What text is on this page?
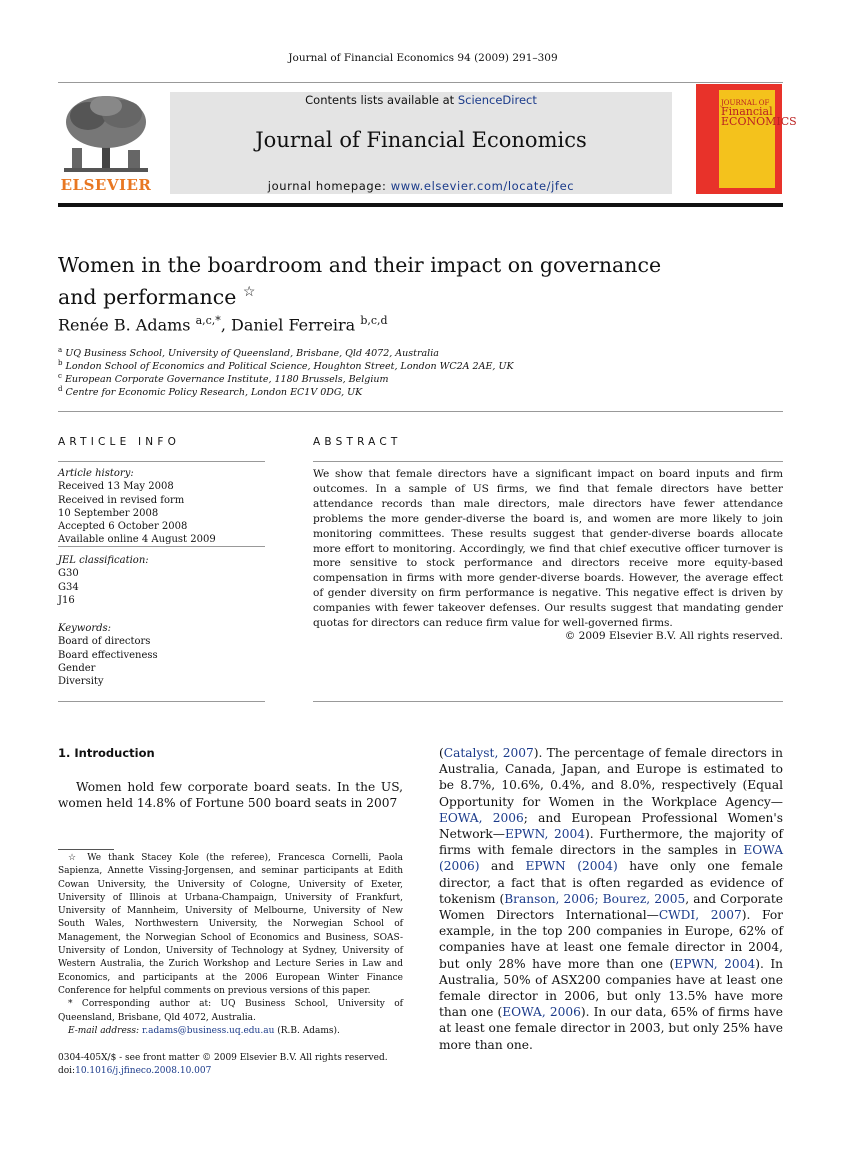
Journal of Financial Economics 94 (2009) 291–309
ELSEVIER
Contents lists available at ScienceDirect
Journal of Financial Economics
journal homepage: www.elsevier.com/locate/jfec
JOURNAL OF
Financial ECONOMICS
Women in the boardroom and their impact on governance and performance ☆
Renée B. Adams $^{a,c,*}$, Daniel Ferreira $^{b,c,d}$
$^a$ UQ Business School, University of Queensland, Brisbane, Qld 4072, Australia
$^b$ London School of Economics and Political Science, Houghton Street, London WC2A 2AE, UK
$^c$ European Corporate Governance Institute, 1180 Brussels, Belgium
$^d$ Centre for Economic Policy Research, London EC1V 0DG, UK
ARTICLE INFO	ABSTRACT
Article history:
Received 13 May 2008
Received in revised form
10 September 2008
Accepted 6 October 2008
Available online 4 August 2009
JEL classification:
G30
G34
J16
Keywords:
Board of directors
Board effectiveness
Gender
Diversity
We show that female directors have a significant impact on board inputs and firm outcomes. In a sample of US firms, we find that female directors have better attendance records than male directors, male directors have fewer attendance problems the more gender-diverse the board is, and women are more likely to join monitoring committees. These results suggest that gender-diverse boards allocate more effort to monitoring. Accordingly, we find that chief executive officer turnover is more sensitive to stock performance and directors receive more equity-based compensation in firms with more gender-diverse boards. However, the average effect of gender diversity on firm performance is negative. This negative effect is driven by companies with fewer takeover defenses. Our results suggest that mandating gender quotas for directors can reduce firm value for well-governed firms.
© 2009 Elsevier B.V. All rights reserved.
1. Introduction
Women hold few corporate board seats. In the US, women held 14.8% of Fortune 500 board seats in 2007

☆ We thank Stacey Kole (the referee), Francesca Cornelli, Paola Sapienza, Annette Vissing-Jorgensen, and seminar participants at Edith Cowan University, the University of Cologne, University of Exeter, University of Illinois at Urbana-Champaign, University of Frankfurt, University of Mannheim, University of Melbourne, University of New South Wales, Northwestern University, the Norwegian School of Management, the Norwegian School of Economics and Business, SOAS-University of London, University of Technology at Sydney, University of Western Australia, the Zurich Workshop and Lecture Series in Law and Economics, and participants at the 2006 European Winter Finance Conference for helpful comments on previous versions of this paper.

* Corresponding author at: UQ Business School, University of Queensland, Brisbane, Qld 4072, Australia.

E-mail address: r.adams@business.uq.edu.au (R.B. Adams).

0304-405X/$ - see front matter © 2009 Elsevier B.V. All rights reserved.
doi:10.1016/j.jfineco.2008.10.007
(Catalyst, 2007). The percentage of female directors in Australia, Canada, Japan, and Europe is estimated to be 8.7%, 10.6%, 0.4%, and 8.0%, respectively (Equal Opportunity for Women in the Workplace Agency—EOWA, 2006; and European Professional Women's Network—EPWN, 2004). Furthermore, the majority of firms with female directors in the samples in EOWA (2006) and EPWN (2004) have only one female director, a fact that is often regarded as evidence of tokenism (Branson, 2006; Bourez, 2005, and Corporate Women Directors International—CWDI, 2007). For example, in the top 200 companies in Europe, 62% of companies have at least one female director in 2004, but only 28% have more than one (EPWN, 2004). In Australia, 50% of ASX200 companies have at least one female director in 2006, but only 13.5% have more than one (EOWA, 2006). In our data, 65% of firms have at least one female director in 2003, but only 25% have more than one.
